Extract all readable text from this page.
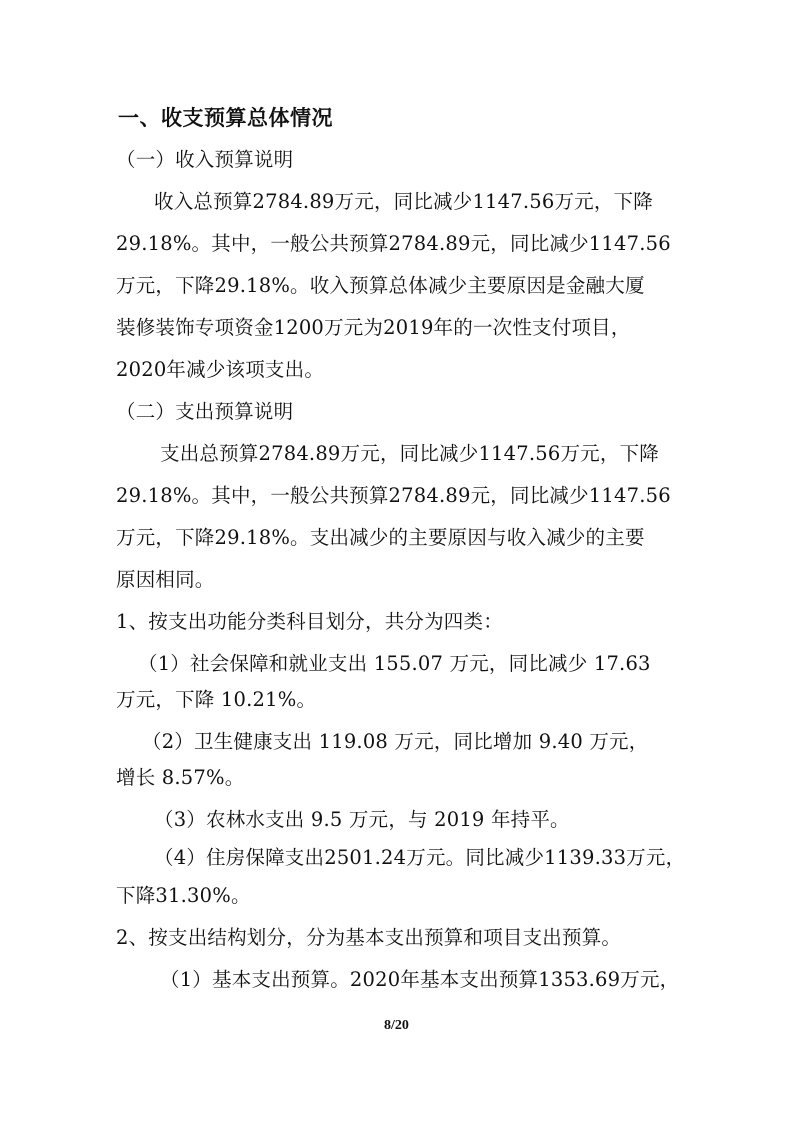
一、收支预算总体情况

（一）收入预算说明

收入总预算2784.89万元，同比减少1147.56万元，下降

29.18%。其中，一般公共预算2784.89元，同比减少1147.56

万元，下降29.18%。收入预算总体减少主要原因是金融大厦

装修装饰专项资金1200万元为2019年的一次性支付项目，

2020年减少该项支出。

（二）支出预算说明

支出总预算2784.89万元，同比减少1147.56万元，下降

29.18%。其中，一般公共预算2784.89元，同比减少1147.56

万元，下降29.18%。支出减少的主要原因与收入减少的主要

原因相同。

1、按支出功能分类科目划分，共分为四类：

（1）社会保障和就业支出 155.07 万元，同比减少 17.63

万元，下降 10.21%。

（2）卫生健康支出 119.08 万元，同比增加 9.40 万元，

增长 8.57%。

（3）农林水支出 9.5 万元，与 2019 年持平。

（4）住房保障支出2501.24万元。同比减少1139.33万元，

下降31.30%。

2、按支出结构划分，分为基本支出预算和项目支出预算。

（1）基本支出预算。2020年基本支出预算1353.69万元，

8/20
